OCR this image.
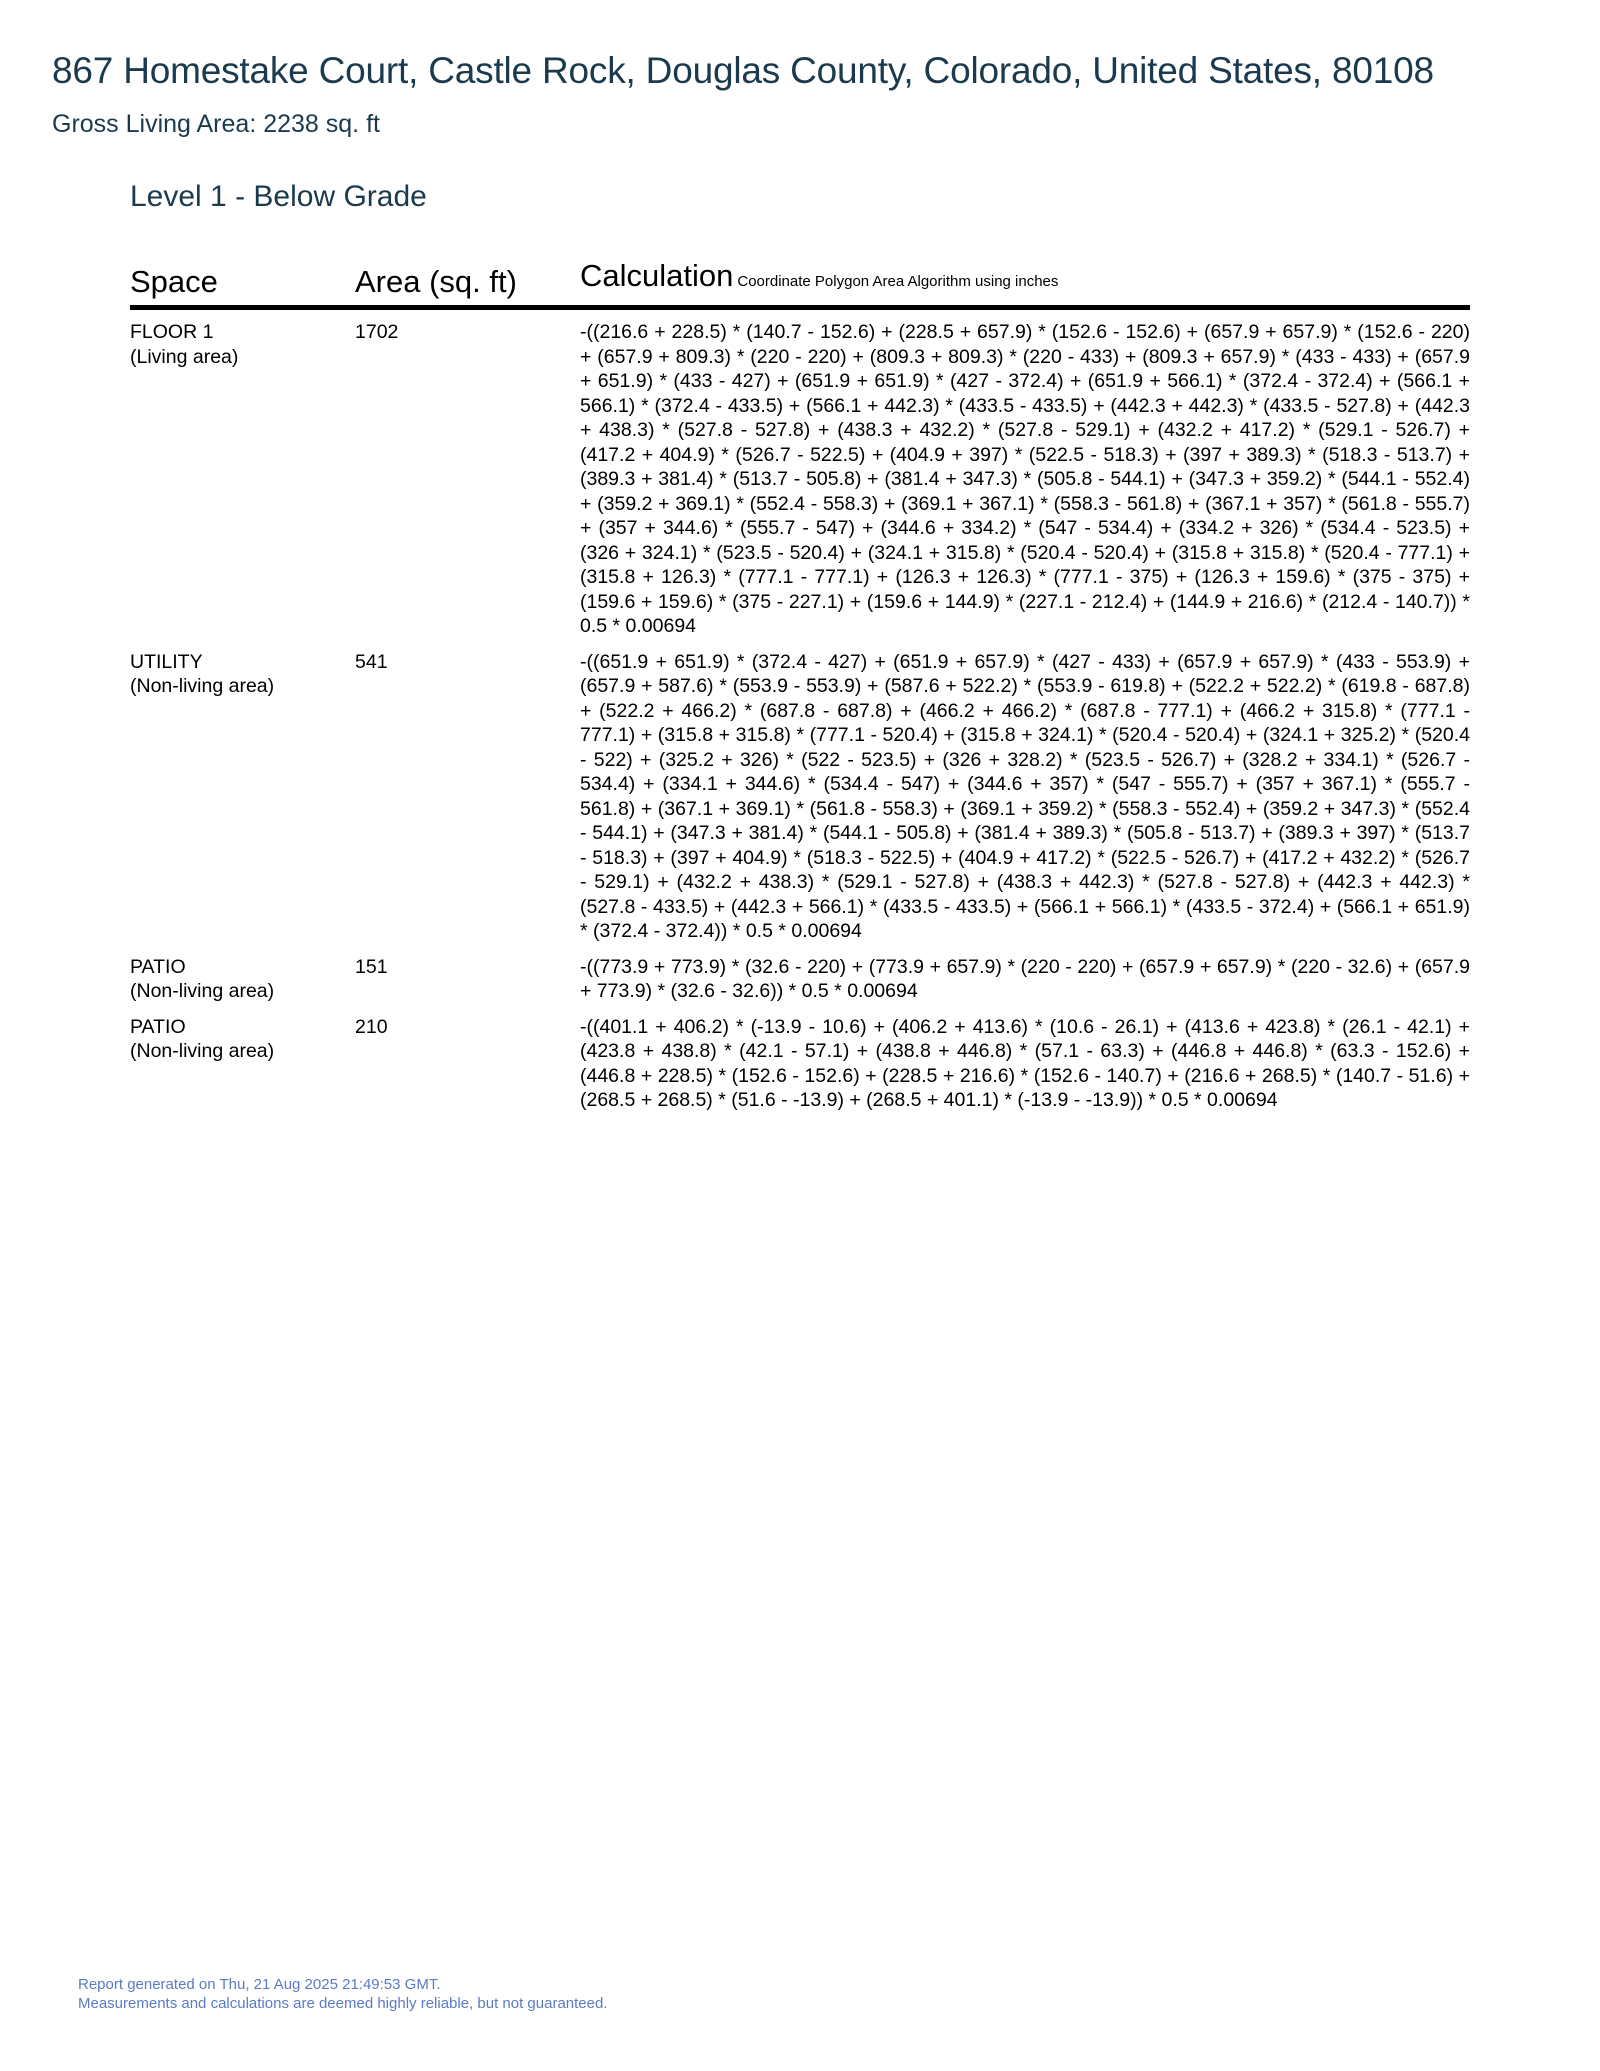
867 Homestake Court, Castle Rock, Douglas County, Colorado, United States, 80108
Gross Living Area: 2238 sq. ft
Level 1 - Below Grade
Space	Area (sq. ft)	Calculation Coordinate Polygon Area Algorithm using inches
FLOOR 1
(Living area)
1702	-((216.6 + 228.5) * (140.7 - 152.6) + (228.5 + 657.9) * (152.6 - 152.6) + (657.9 + 657.9) * (152.6 - 220) + (657.9 + 809.3) * (220 - 220) + (809.3 + 809.3) * (220 - 433) + (809.3 + 657.9) * (433 - 433) + (657.9 + 651.9) * (433 - 427) + (651.9 + 651.9) * (427 - 372.4) + (651.9 + 566.1) * (372.4 - 372.4) + (566.1 + 566.1) * (372.4 - 433.5) + (566.1 + 442.3) * (433.5 - 433.5) + (442.3 + 442.3) * (433.5 - 527.8) + (442.3 + 438.3) * (527.8 - 527.8) + (438.3 + 432.2) * (527.8 - 529.1) + (432.2 + 417.2) * (529.1 - 526.7) + (417.2 + 404.9) * (526.7 - 522.5) + (404.9 + 397) * (522.5 - 518.3) + (397 + 389.3) * (518.3 - 513.7) + (389.3 + 381.4) * (513.7 - 505.8) + (381.4 + 347.3) * (505.8 - 544.1) + (347.3 + 359.2) * (544.1 - 552.4) + (359.2 + 369.1) * (552.4 - 558.3) + (369.1 + 367.1) * (558.3 - 561.8) + (367.1 + 357) * (561.8 - 555.7) + (357 + 344.6) * (555.7 - 547) + (344.6 + 334.2) * (547 - 534.4) + (334.2 + 326) * (534.4 - 523.5) + (326 + 324.1) * (523.5 - 520.4) + (324.1 + 315.8) * (520.4 - 520.4) + (315.8 + 315.8) * (520.4 - 777.1) + (315.8 + 126.3) * (777.1 - 777.1) + (126.3 + 126.3) * (777.1 - 375) + (126.3 + 159.6) * (375 - 375) + (159.6 + 159.6) * (375 - 227.1) + (159.6 + 144.9) * (227.1 - 212.4) + (144.9 + 216.6) * (212.4 - 140.7)) * 0.5 * 0.00694
UTILITY
(Non-living area)
541	-((651.9 + 651.9) * (372.4 - 427) + (651.9 + 657.9) * (427 - 433) + (657.9 + 657.9) * (433 - 553.9) + (657.9 + 587.6) * (553.9 - 553.9) + (587.6 + 522.2) * (553.9 - 619.8) + (522.2 + 522.2) * (619.8 - 687.8) + (522.2 + 466.2) * (687.8 - 687.8) + (466.2 + 466.2) * (687.8 - 777.1) + (466.2 + 315.8) * (777.1 - 777.1) + (315.8 + 315.8) * (777.1 - 520.4) + (315.8 + 324.1) * (520.4 - 520.4) + (324.1 + 325.2) * (520.4 - 522) + (325.2 + 326) * (522 - 523.5) + (326 + 328.2) * (523.5 - 526.7) + (328.2 + 334.1) * (526.7 - 534.4) + (334.1 + 344.6) * (534.4 - 547) + (344.6 + 357) * (547 - 555.7) + (357 + 367.1) * (555.7 - 561.8) + (367.1 + 369.1) * (561.8 - 558.3) + (369.1 + 359.2) * (558.3 - 552.4) + (359.2 + 347.3) * (552.4 - 544.1) + (347.3 + 381.4) * (544.1 - 505.8) + (381.4 + 389.3) * (505.8 - 513.7) + (389.3 + 397) * (513.7 - 518.3) + (397 + 404.9) * (518.3 - 522.5) + (404.9 + 417.2) * (522.5 - 526.7) + (417.2 + 432.2) * (526.7 - 529.1) + (432.2 + 438.3) * (529.1 - 527.8) + (438.3 + 442.3) * (527.8 - 527.8) + (442.3 + 442.3) * (527.8 - 433.5) + (442.3 + 566.1) * (433.5 - 433.5) + (566.1 + 566.1) * (433.5 - 372.4) + (566.1 + 651.9) * (372.4 - 372.4)) * 0.5 * 0.00694
PATIO
(Non-living area)
151	-((773.9 + 773.9) * (32.6 - 220) + (773.9 + 657.9) * (220 - 220) + (657.9 + 657.9) * (220 - 32.6) + (657.9 + 773.9) * (32.6 - 32.6)) * 0.5 * 0.00694
PATIO
(Non-living area)
210	-((401.1 + 406.2) * (-13.9 - 10.6) + (406.2 + 413.6) * (10.6 - 26.1) + (413.6 + 423.8) * (26.1 - 42.1) + (423.8 + 438.8) * (42.1 - 57.1) + (438.8 + 446.8) * (57.1 - 63.3) + (446.8 + 446.8) * (63.3 - 152.6) + (446.8 + 228.5) * (152.6 - 152.6) + (228.5 + 216.6) * (152.6 - 140.7) + (216.6 + 268.5) * (140.7 - 51.6) + (268.5 + 268.5) * (51.6 - -13.9) + (268.5 + 401.1) * (-13.9 - -13.9)) * 0.5 * 0.00694
Report generated on Thu, 21 Aug 2025 21:49:53 GMT.
Measurements and calculations are deemed highly reliable, but not guaranteed.
